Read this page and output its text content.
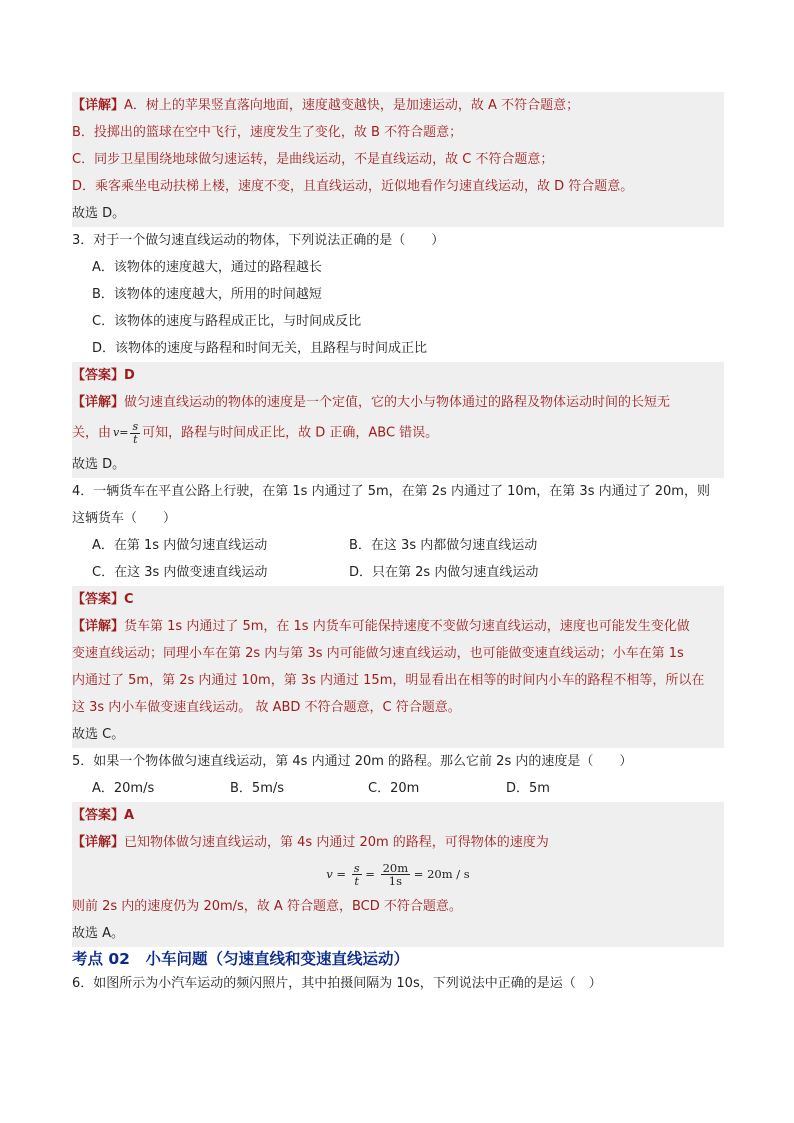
【详解】A．树上的苹果竖直落向地面，速度越变越快，是加速运动，故 A 不符合题意；
B．投掷出的篮球在空中飞行，速度发生了变化，故 B 不符合题意；
C．同步卫星围绕地球做匀速运转，是曲线运动，不是直线运动，故 C 不符合题意；
D．乘客乘坐电动扶梯上楼，速度不变，且直线运动，近似地看作匀速直线运动，故 D 符合题意。
故选 D。
3．对于一个做匀速直线运动的物体，下列说法正确的是（　　）
A．该物体的速度越大，通过的路程越长
B．该物体的速度越大，所用的时间越短
C．该物体的速度与路程成正比，与时间成反比
D．该物体的速度与路程和时间无关，且路程与时间成正比
【答案】D
【详解】做匀速直线运动的物体的速度是一个定值，它的大小与物体通过的路程及物体运动时间的长短无
关，由 $v = \frac{s}{t}$ 可知，路程与时间成正比，故 D 正确，ABC 错误。
故选 D。
4．一辆货车在平直公路上行驶，在第 1s 内通过了 5m，在第 2s 内通过了 10m，在第 3s 内通过了 20m，则
这辆货车（　　）
A．在第 1s 内做匀速直线运动	B．在这 3s 内都做匀速直线运动
C．在这 3s 内做变速直线运动	D．只在第 2s 内做匀速直线运动
【答案】C
【详解】货车第 1s 内通过了 5m，在 1s 内货车可能保持速度不变做匀速直线运动，速度也可能发生变化做
变速直线运动；同理小车在第 2s 内与第 3s 内可能做匀速直线运动，也可能做变速直线运动；小车在第 1s
内通过了 5m，第 2s 内通过 10m，第 3s 内通过 15m，明显看出在相等的时间内小车的路程不相等，所以在
这 3s 内小车做变速直线运动。 故 ABD 不符合题意，C 符合题意。
故选 C。
5．如果一个物体做匀速直线运动，第 4s 内通过 20m 的路程。那么它前 2s 内的速度是（　　）
A．20m/s	B．5m/s	C．20m	D．5m
【答案】A
【详解】已知物体做匀速直线运动，第 4s 内通过 20m 的路程，可得物体的速度为
$v = \frac{s}{t} = \frac{20m}{1s} = 20m / s$
则前 2s 内的速度仍为 20m/s，故 A 符合题意，BCD 不符合题意。
故选 A。
考点 02　小车问题（匀速直线和变速直线运动）
6．如图所示为小汽车运动的频闪照片，其中拍摄间隔为 10s，下列说法中正确的是运（　）
